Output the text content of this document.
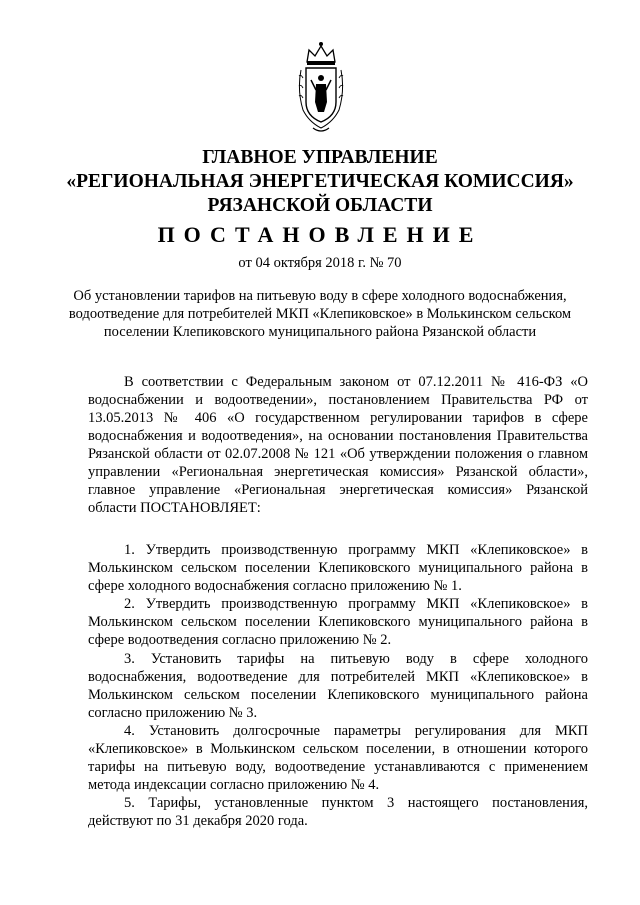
ГЛАВНОЕ УПРАВЛЕНИЕ
«РЕГИОНАЛЬНАЯ ЭНЕРГЕТИЧЕСКАЯ КОМИССИЯ»
РЯЗАНСКОЙ ОБЛАСТИ
ПОСТАНОВЛЕНИЕ
от 04 октября 2018 г. № 70
Об установлении тарифов на питьевую воду в сфере холодного водоснабжения, водоотведение для потребителей МКП «Клепиковское» в Молькинском сельском поселении Клепиковского муниципального района Рязанской области

В соответствии с Федеральным законом от 07.12.2011 № 416-ФЗ «О водоснабжении и водоотведении», постановлением Правительства РФ от 13.05.2013 № 406 «О государственном регулировании тарифов в сфере водоснабжения и водоотведения», на основании постановления Правительства Рязанской области от 02.07.2008 № 121 «Об утверждении положения о главном управлении «Региональная энергетическая комиссия» Рязанской области», главное управление «Региональная энергетическая комиссия» Рязанской области ПОСТАНОВЛЯЕТ:

1. Утвердить производственную программу МКП «Клепиковское» в Молькинском сельском поселении Клепиковского муниципального района в сфере холодного водоснабжения согласно приложению № 1.

2. Утвердить производственную программу МКП «Клепиковское» в Молькинском сельском поселении Клепиковского муниципального района в сфере водоотведения согласно приложению № 2.

3. Установить тарифы на питьевую воду в сфере холодного водоснабжения, водоотведение для потребителей МКП «Клепиковское» в Молькинском сельском поселении Клепиковского муниципального района согласно приложению № 3.

4. Установить долгосрочные параметры регулирования для МКП «Клепиковское» в Молькинском сельском поселении, в отношении которого тарифы на питьевую воду, водоотведение устанавливаются с применением метода индексации согласно приложению № 4.

5. Тарифы, установленные пунктом 3 настоящего постановления, действуют по 31 декабря 2020 года.
